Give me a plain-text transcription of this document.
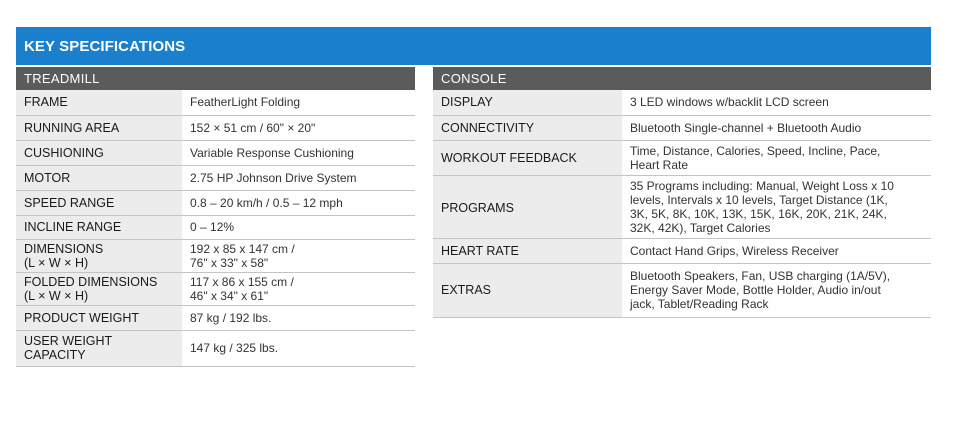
KEY SPECIFICATIONS
TREADMILL
FRAME	FeatherLight Folding

RUNNING AREA	152 × 51 cm / 60" × 20"

CUSHIONING	Variable Response Cushioning

MOTOR	2.75 HP Johnson Drive System

SPEED RANGE	0.8 – 20 km/h / 0.5 – 12 mph

INCLINE RANGE	0 – 12%

DIMENSIONS
(L × W × H)	192 x 85 x 147 cm /
76" x 33" x 58"

FOLDED DIMENSIONS
(L × W × H)	117 x 86 x 155 cm /
46" x 34" x 61"

PRODUCT WEIGHT	87 kg / 192 lbs.

USER WEIGHT
CAPACITY	147 kg / 325 lbs.
CONSOLE
DISPLAY	3 LED windows w/backlit LCD screen

CONNECTIVITY	Bluetooth Single-channel + Bluetooth Audio

WORKOUT FEEDBACK	Time, Distance, Calories, Speed, Incline, Pace,
Heart Rate

PROGRAMS	35 Programs including: Manual, Weight Loss x 10
levels, Intervals x 10 levels, Target Distance (1K,
3K, 5K, 8K, 10K, 13K, 15K, 16K, 20K, 21K, 24K,
32K, 42K), Target Calories

HEART RATE	Contact Hand Grips, Wireless Receiver

EXTRAS	Bluetooth Speakers, Fan, USB charging (1A/5V),
Energy Saver Mode, Bottle Holder, Audio in/out
jack, Tablet/Reading Rack
